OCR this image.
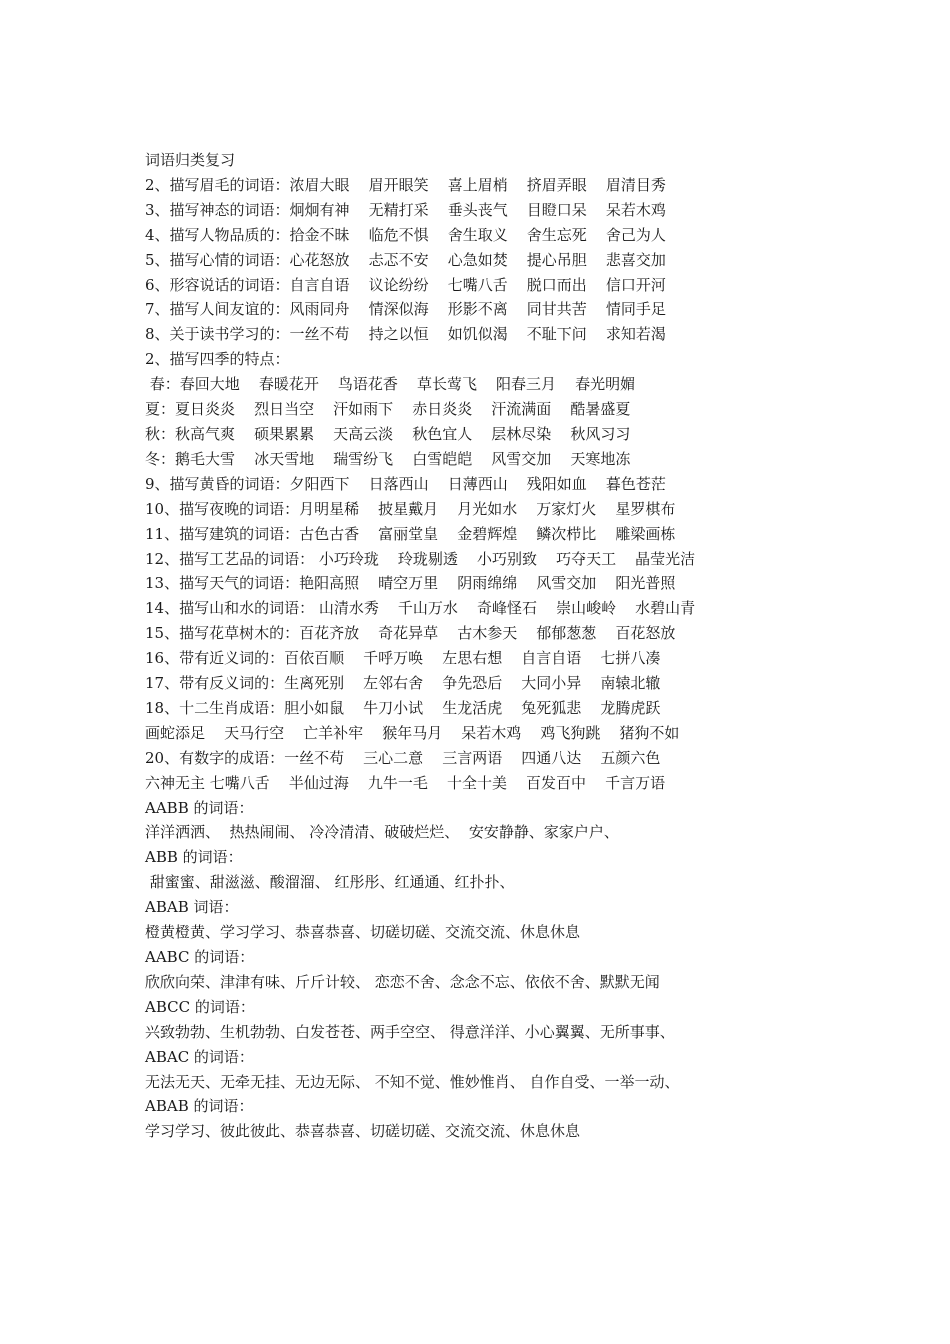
词语归类复习
2、描写眉毛的词语：浓眉大眼    眉开眼笑    喜上眉梢    挤眉弄眼    眉清目秀
3、描写神态的词语：炯炯有神    无精打采    垂头丧气    目瞪口呆    呆若木鸡
4、描写人物品质的：拾金不昧    临危不惧    舍生取义    舍生忘死    舍己为人
5、描写心情的词语：心花怒放    忐忑不安    心急如焚    提心吊胆    悲喜交加
6、形容说话的词语：自言自语    议论纷纷    七嘴八舌    脱口而出    信口开河
7、描写人间友谊的：风雨同舟    情深似海    形影不离    同甘共苦    情同手足
8、关于读书学习的：一丝不苟    持之以恒    如饥似渴    不耻下问    求知若渴
2、描写四季的特点：
春：春回大地    春暖花开    鸟语花香    草长莺飞    阳春三月    春光明媚
夏：夏日炎炎    烈日当空    汗如雨下    赤日炎炎    汗流满面    酷暑盛夏
秋：秋高气爽    硕果累累    天高云淡    秋色宜人    层林尽染    秋风习习
冬：鹅毛大雪    冰天雪地    瑞雪纷飞    白雪皑皑    风雪交加    天寒地冻
9、描写黄昏的词语：夕阳西下    日落西山    日薄西山    残阳如血    暮色苍茫
10、描写夜晚的词语：月明星稀    披星戴月    月光如水    万家灯火    星罗棋布
11、描写建筑的词语：古色古香    富丽堂皇    金碧辉煌    鳞次栉比    雕梁画栋
12、描写工艺品的词语： 小巧玲珑    玲珑剔透    小巧别致    巧夺天工    晶莹光洁
13、描写天气的词语：艳阳高照    晴空万里    阴雨绵绵    风雪交加    阳光普照
14、描写山和水的词语： 山清水秀    千山万水    奇峰怪石    崇山峻岭    水碧山青
15、描写花草树木的：百花齐放    奇花异草    古木参天    郁郁葱葱    百花怒放
16、带有近义词的：百依百顺    千呼万唤    左思右想    自言自语    七拼八凑
17、带有反义词的：生离死别    左邻右舍    争先恐后    大同小异    南辕北辙
18、十二生肖成语：胆小如鼠    牛刀小试    生龙活虎    兔死狐悲    龙腾虎跃
画蛇添足    天马行空    亡羊补牢    猴年马月    呆若木鸡    鸡飞狗跳    猪狗不如
20、有数字的成语：一丝不苟    三心二意    三言两语    四通八达    五颜六色
六神无主 七嘴八舌    半仙过海    九牛一毛    十全十美    百发百中    千言万语
AABB 的词语：
洋洋洒洒、  热热闹闹、 冷冷清清、破破烂烂、  安安静静、家家户户、
ABB 的词语：
甜蜜蜜、甜滋滋、酸溜溜、 红彤彤、红通通、红扑扑、
ABAB 词语：
橙黄橙黄、学习学习、恭喜恭喜、切磋切磋、交流交流、休息休息
AABC 的词语：
欣欣向荣、津津有味、斤斤计较、 恋恋不舍、念念不忘、依依不舍、默默无闻
ABCC 的词语：
兴致勃勃、生机勃勃、白发苍苍、两手空空、 得意洋洋、小心翼翼、无所事事、
ABAC 的词语：
无法无天、无牵无挂、无边无际、 不知不觉、惟妙惟肖、 自作自受、一举一动、
ABAB 的词语：
学习学习、彼此彼此、恭喜恭喜、切磋切磋、交流交流、休息休息
